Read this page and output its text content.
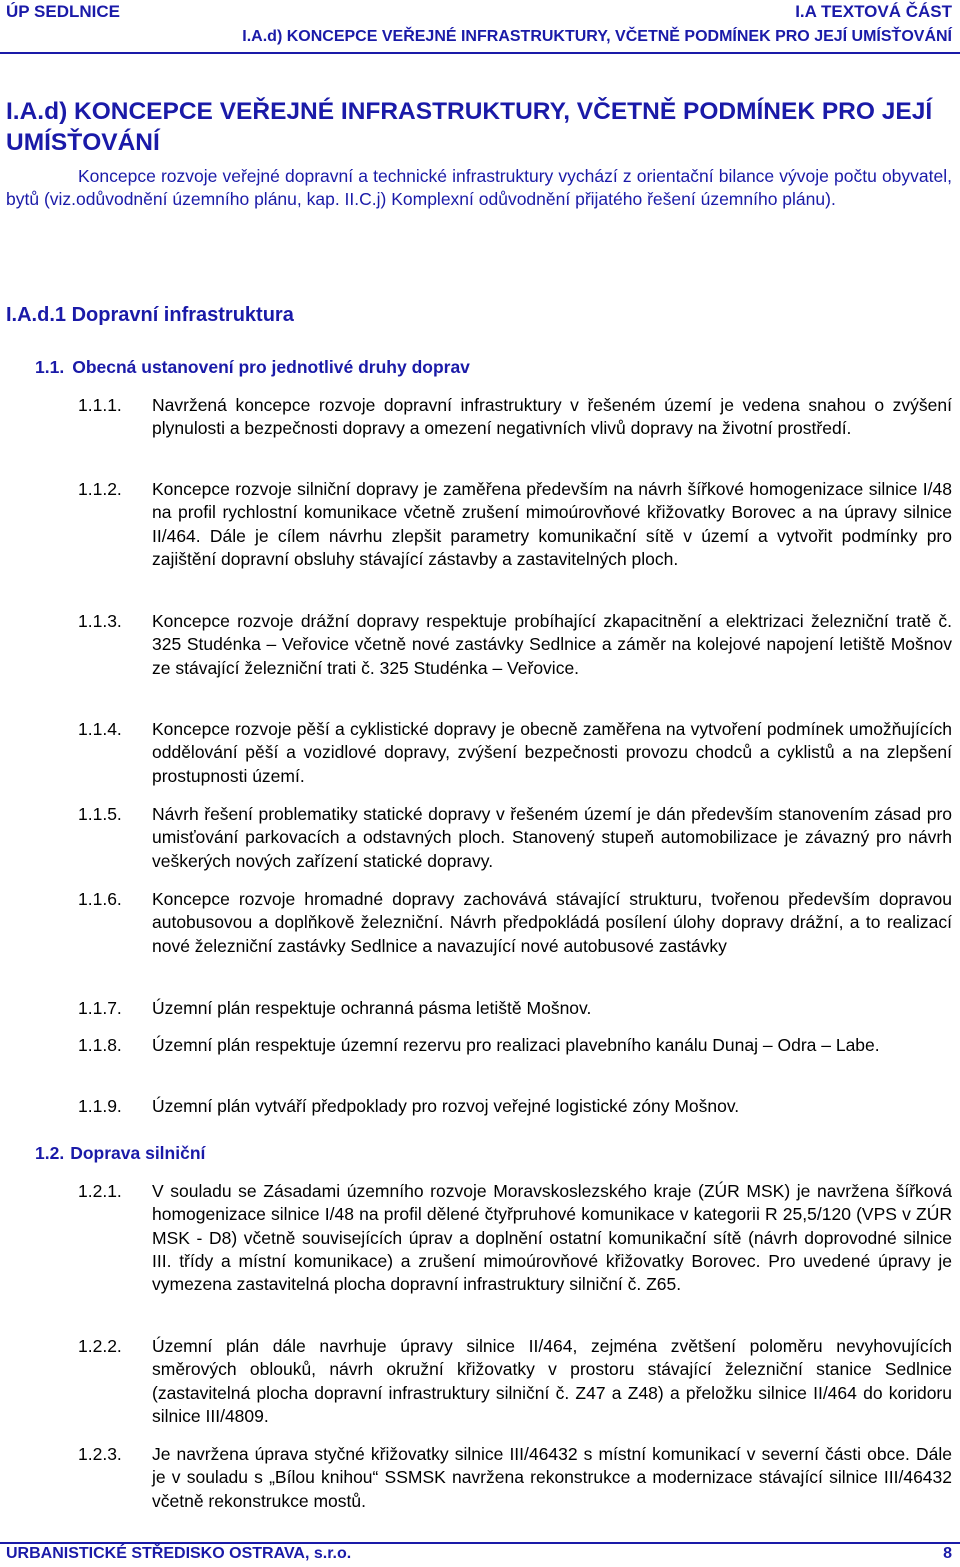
ÚP SEDLNICE	I.A TEXTOVÁ ČÁST
I.A.d) KONCEPCE VEŘEJNÉ INFRASTRUKTURY, VČETNĚ PODMÍNEK PRO JEJÍ UMÍSŤOVÁNÍ
I.A.d) KONCEPCE VEŘEJNÉ INFRASTRUKTURY, VČETNĚ PODMÍNEK PRO JEJÍ UMÍSŤOVÁNÍ
Koncepce rozvoje veřejné dopravní a technické infrastruktury vychází z orientační bilance vývoje počtu obyvatel, bytů (viz.odůvodnění územního plánu, kap. II.C.j) Komplexní odůvodnění přijatého řešení územního plánu).
I.A.d.1 Dopravní infrastruktura
1.1. Obecná ustanovení pro jednotlivé druhy doprav
1.1.1. Navržená koncepce rozvoje dopravní infrastruktury v řešeném území je vedena snahou o zvýšení plynulosti a bezpečnosti dopravy a omezení negativních vlivů dopravy na životní prostředí.
1.1.2. Koncepce rozvoje silniční dopravy je zaměřena především na návrh šířkové homogenizace silnice I/48 na profil rychlostní komunikace včetně zrušení mimoúrovňové křižovatky Borovec a na úpravy silnice II/464. Dále je cílem návrhu zlepšit parametry komunikační sítě v území a vytvořit podmínky pro zajištění dopravní obsluhy stávající zástavby a zastavitelných ploch.
1.1.3. Koncepce rozvoje drážní dopravy respektuje probíhající zkapacitnění a elektrizaci železniční tratě č. 325 Studénka – Veřovice včetně nové zastávky Sedlnice a záměr na kolejové napojení letiště Mošnov ze stávající železniční trati č. 325 Studénka – Veřovice.
1.1.4. Koncepce rozvoje pěší a cyklistické dopravy je obecně zaměřena na vytvoření podmínek umožňujících oddělování pěší a vozidlové dopravy, zvýšení bezpečnosti provozu chodců a cyklistů a na zlepšení prostupnosti území.
1.1.5. Návrh řešení problematiky statické dopravy v řešeném území je dán především stanovením zásad pro umisťování parkovacích a odstavných ploch. Stanovený stupeň automobilizace je závazný pro návrh veškerých nových zařízení statické dopravy.
1.1.6. Koncepce rozvoje hromadné dopravy zachovává stávající strukturu, tvořenou především dopravou autobusovou a doplňkově železniční. Návrh předpokládá posílení úlohy dopravy drážní, a to realizací nové železniční zastávky Sedlnice a navazující nové autobusové zastávky
1.1.7. Územní plán respektuje ochranná pásma letiště Mošnov.
1.1.8. Územní plán respektuje územní rezervu pro realizaci plavebního kanálu Dunaj – Odra – Labe.
1.1.9. Územní plán vytváří předpoklady pro rozvoj veřejné logistické zóny Mošnov.
1.2. Doprava silniční
1.2.1. V souladu se Zásadami územního rozvoje Moravskoslezského kraje (ZÚR MSK) je navržena šířková homogenizace silnice I/48 na profil dělené čtyřpruhové komunikace v kategorii R 25,5/120 (VPS v ZÚR MSK - D8) včetně souvisejících úprav a doplnění ostatní komunikační sítě (návrh doprovodné silnice III. třídy a místní komunikace) a zrušení mimoúrovňové křižovatky Borovec. Pro uvedené úpravy je vymezena zastavitelná plocha dopravní infrastruktury silniční č. Z65.
1.2.2. Územní plán dále navrhuje úpravy silnice II/464, zejména zvětšení poloměru nevyhovujících směrových oblouků, návrh okružní křižovatky v prostoru stávající železniční stanice Sedlnice (zastavitelná plocha dopravní infrastruktury silniční č. Z47 a Z48) a přeložku silnice II/464 do koridoru silnice III/4809.
1.2.3. Je navržena úprava styčné křižovatky silnice III/46432 s místní komunikací v severní části obce. Dále je v souladu s „Bílou knihou“ SSMSK navržena rekonstrukce a modernizace stávající silnice III/46432 včetně rekonstrukce mostů.
URBANISTICKÉ STŘEDISKO OSTRAVA, s.r.o.	8
